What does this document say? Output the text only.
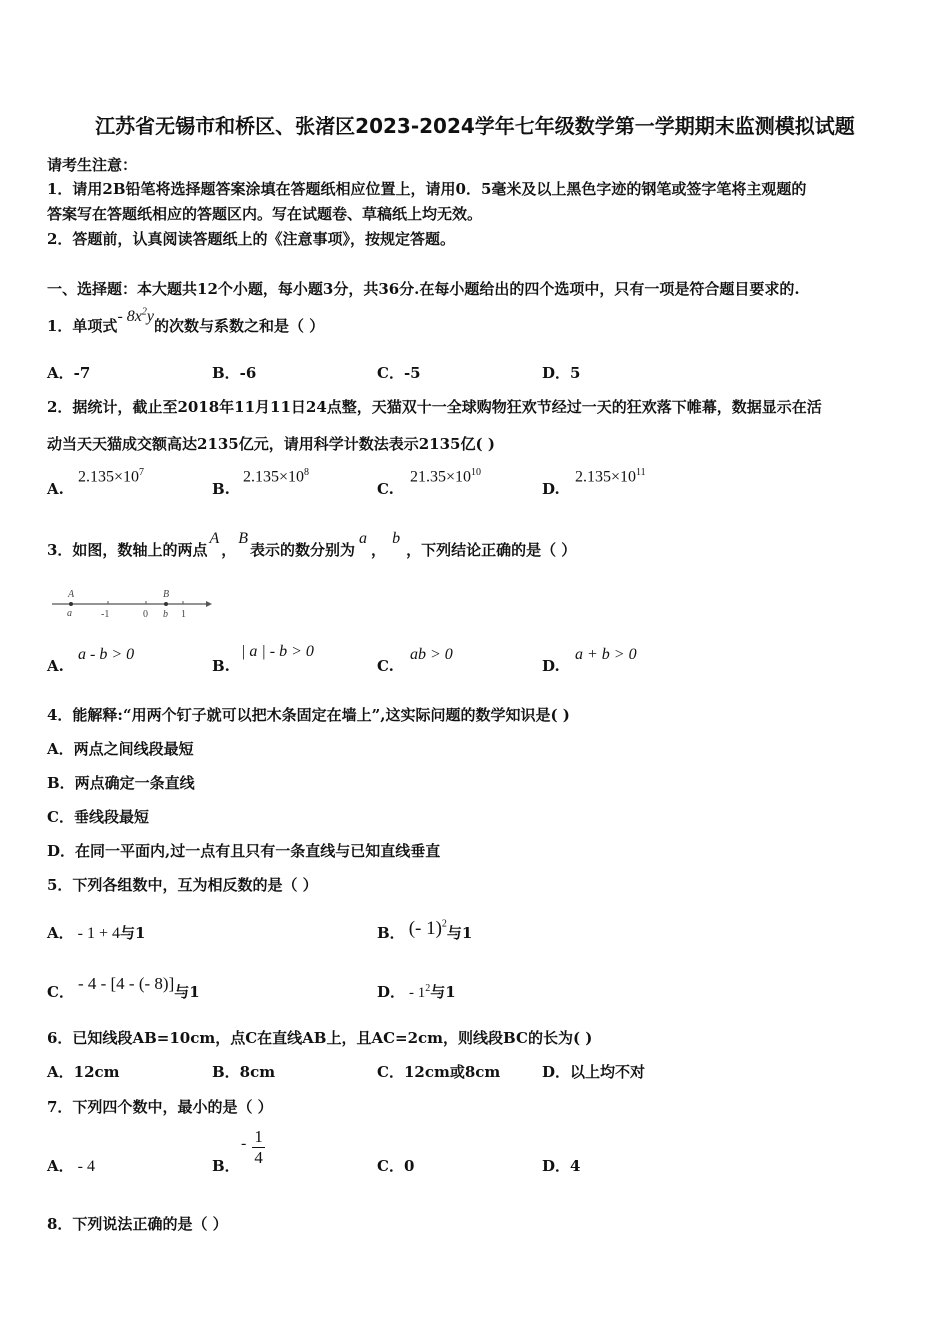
江苏省无锡市和桥区、张渚区2023-2024学年七年级数学第一学期期末监测模拟试题
请考生注意：
1．请用2B铅笔将选择题答案涂填在答题纸相应位置上，请用0．5毫米及以上黑色字迹的钢笔或签字笔将主观题的
答案写在答题纸相应的答题区内。写在试题卷、草稿纸上均无效。
2．答题前，认真阅读答题纸上的《注意事项》，按规定答题。
一、选择题：本大题共12个小题，每小题3分，共36分.在每小题给出的四个选项中，只有一项是符合题目要求的.
1．单项式- $8x^2y$的次数与系数之和是（ ）
A．-7	B．-6	C．-5	D．5
2．据统计，截止至2018年11月11日24点整，天猫双十一全球购物狂欢节经过一天的狂欢落下帷幕，数据显示在活
动当天天猫成交额高达2135亿元，请用科学计数法表示2135亿( )
A.
$2.135\times 10^7$
B.
$2.135\times 10^8$
C.
$21.35\times 10^{10}$
D.
$2.135\times 10^{11}$
3．如图，数轴上的两点A，B表示的数分别为a，b，下列结论正确的是（ ）
A
a	-1	0
B
b 1
A.
a - b > 0
B.
| a | - b > 0
C.
ab > 0
D.
a + b > 0
4．能解释:“用两个钉子就可以把木条固定在墙上”,这实际问题的数学知识是( )
A．两点之间线段最短
B．两点确定一条直线
C．垂线段最短
D．在同一平面内,过一点有且只有一条直线与已知直线垂直
5．下列各组数中，互为相反数的是（ ）
A． - 1 + 4与1	B． (- 1)$^2$与1
C． - 4 - [4 - (- 8)]与1	D． - $1^2$与1
6．已知线段AB=10cm，点C在直线AB上，且AC=2cm，则线段BC的长为( )
A．12cm	B．8cm	C．12cm或8cm	D．以上均不对
7．下列四个数中，最小的是（ ）
A． - 4	B．
- $\frac{1}{4}$	C．0	D．4
8．下列说法正确的是（ ）
